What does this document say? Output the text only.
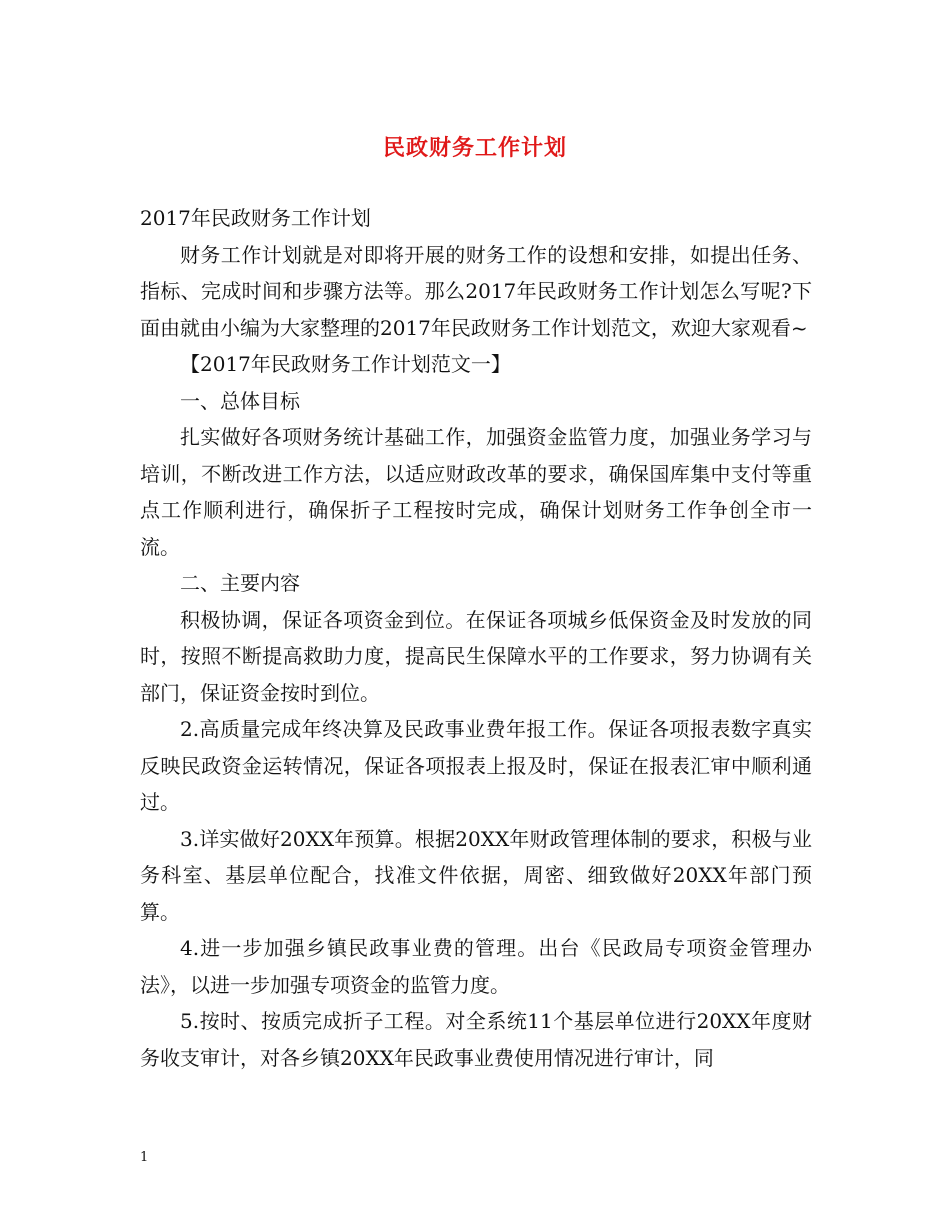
民政财务工作计划

2017年民政财务工作计划

财务工作计划就是对即将开展的财务工作的设想和安排，如提出任务、指标、完成时间和步骤方法等。那么2017年民政财务工作计划怎么写呢?下面由就由小编为大家整理的2017年民政财务工作计划范文，欢迎大家观看~

【2017年民政财务工作计划范文一】

一、总体目标

扎实做好各项财务统计基础工作，加强资金监管力度，加强业务学习与培训，不断改进工作方法，以适应财政改革的要求，确保国库集中支付等重点工作顺利进行，确保折子工程按时完成，确保计划财务工作争创全市一流。

二、主要内容

积极协调，保证各项资金到位。在保证各项城乡低保资金及时发放的同时，按照不断提高救助力度，提高民生保障水平的工作要求，努力协调有关部门，保证资金按时到位。

2.高质量完成年终决算及民政事业费年报工作。保证各项报表数字真实反映民政资金运转情况，保证各项报表上报及时，保证在报表汇审中顺利通过。

3.详实做好20XX年预算。根据20XX年财政管理体制的要求，积极与业务科室、基层单位配合，找准文件依据，周密、细致做好20XX年部门预算。

4.进一步加强乡镇民政事业费的管理。出台《民政局专项资金管理办法》，以进一步加强专项资金的监管力度。

5.按时、按质完成折子工程。对全系统11个基层单位进行20XX年度财务收支审计，对各乡镇20XX年民政事业费使用情况进行审计，同

1
